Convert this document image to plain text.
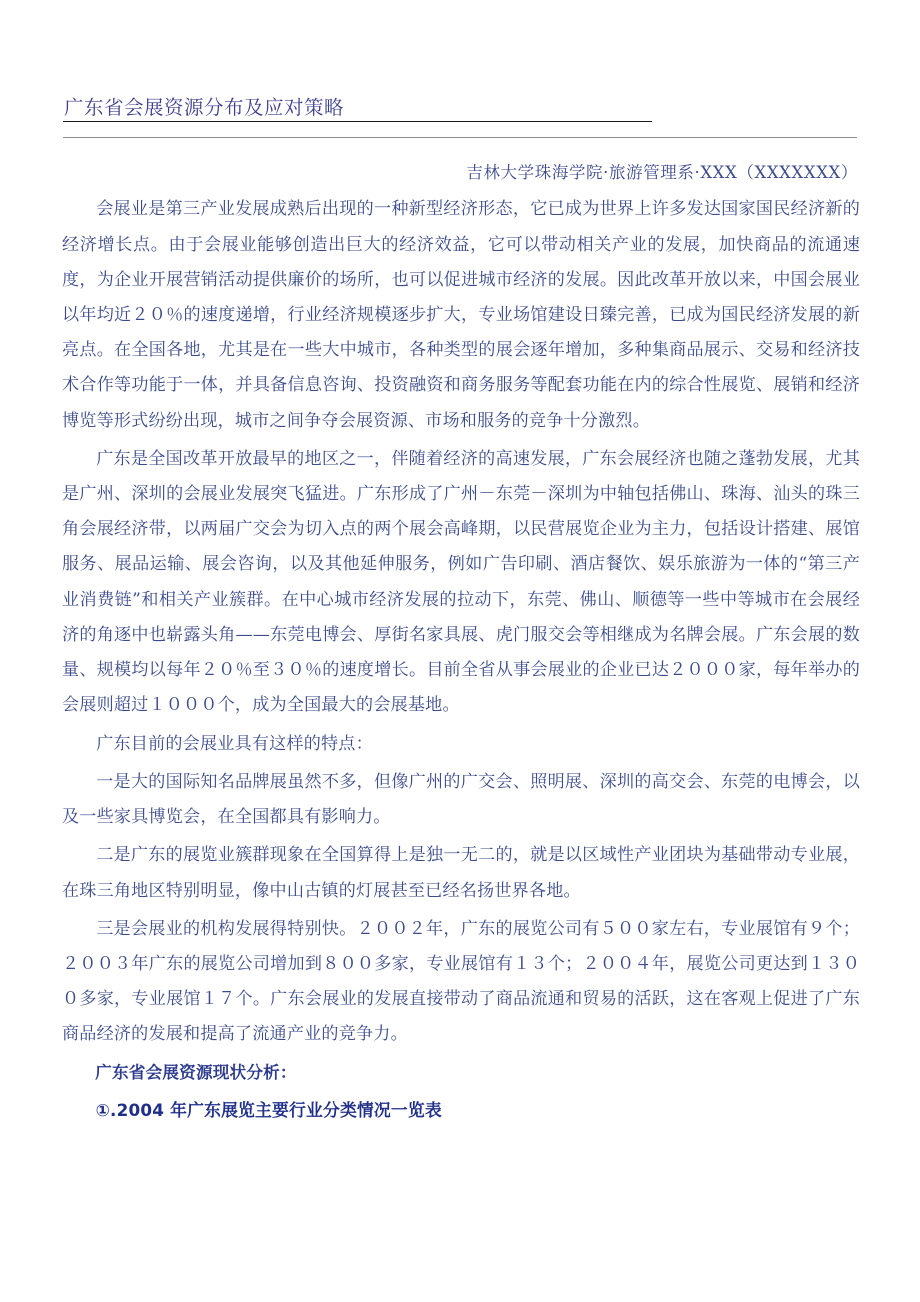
广东省会展资源分布及应对策略
吉林大学珠海学院·旅游管理系·XXX（XXXXXXX）

会展业是第三产业发展成熟后出现的一种新型经济形态，它已成为世界上许多发达国家国民经济新的经济增长点。由于会展业能够创造出巨大的经济效益，它可以带动相关产业的发展，加快商品的流通速度，为企业开展营销活动提供廉价的场所，也可以促进城市经济的发展。因此改革开放以来，中国会展业以年均近２０％的速度递增，行业经济规模逐步扩大，专业场馆建设日臻完善，已成为国民经济发展的新亮点。在全国各地，尤其是在一些大中城市，各种类型的展会逐年增加，多种集商品展示、交易和经济技术合作等功能于一体，并具备信息咨询、投资融资和商务服务等配套功能在内的综合性展览、展销和经济博览等形式纷纷出现，城市之间争夺会展资源、市场和服务的竞争十分激烈。

广东是全国改革开放最早的地区之一，伴随着经济的高速发展，广东会展经济也随之蓬勃发展，尤其是广州、深圳的会展业发展突飞猛进。广东形成了广州－东莞－深圳为中轴包括佛山、珠海、汕头的珠三角会展经济带，以两届广交会为切入点的两个展会高峰期，以民营展览企业为主力，包括设计搭建、展馆服务、展品运输、展会咨询，以及其他延伸服务，例如广告印刷、酒店餐饮、娱乐旅游为一体的“第三产业消费链”和相关产业簇群。在中心城市经济发展的拉动下，东莞、佛山、顺德等一些中等城市在会展经济的角逐中也崭露头角——东莞电博会、厚街名家具展、虎门服交会等相继成为名牌会展。广东会展的数量、规模均以每年２０％至３０％的速度增长。目前全省从事会展业的企业已达２０００家，每年举办的会展则超过１０００个，成为全国最大的会展基地。

广东目前的会展业具有这样的特点：

一是大的国际知名品牌展虽然不多，但像广州的广交会、照明展、深圳的高交会、东莞的电博会，以及一些家具博览会，在全国都具有影响力。

二是广东的展览业簇群现象在全国算得上是独一无二的，就是以区域性产业团块为基础带动专业展，在珠三角地区特别明显，像中山古镇的灯展甚至已经名扬世界各地。

三是会展业的机构发展得特别快。２００２年，广东的展览公司有５００家左右，专业展馆有９个；２００３年广东的展览公司增加到８００多家，专业展馆有１３个；２００４年，展览公司更达到１３００多家，专业展馆１７个。广东会展业的发展直接带动了商品流通和贸易的活跃，这在客观上促进了广东商品经济的发展和提高了流通产业的竞争力。

广东省会展资源现状分析：
①.2004 年广东展览主要行业分类情况一览表
